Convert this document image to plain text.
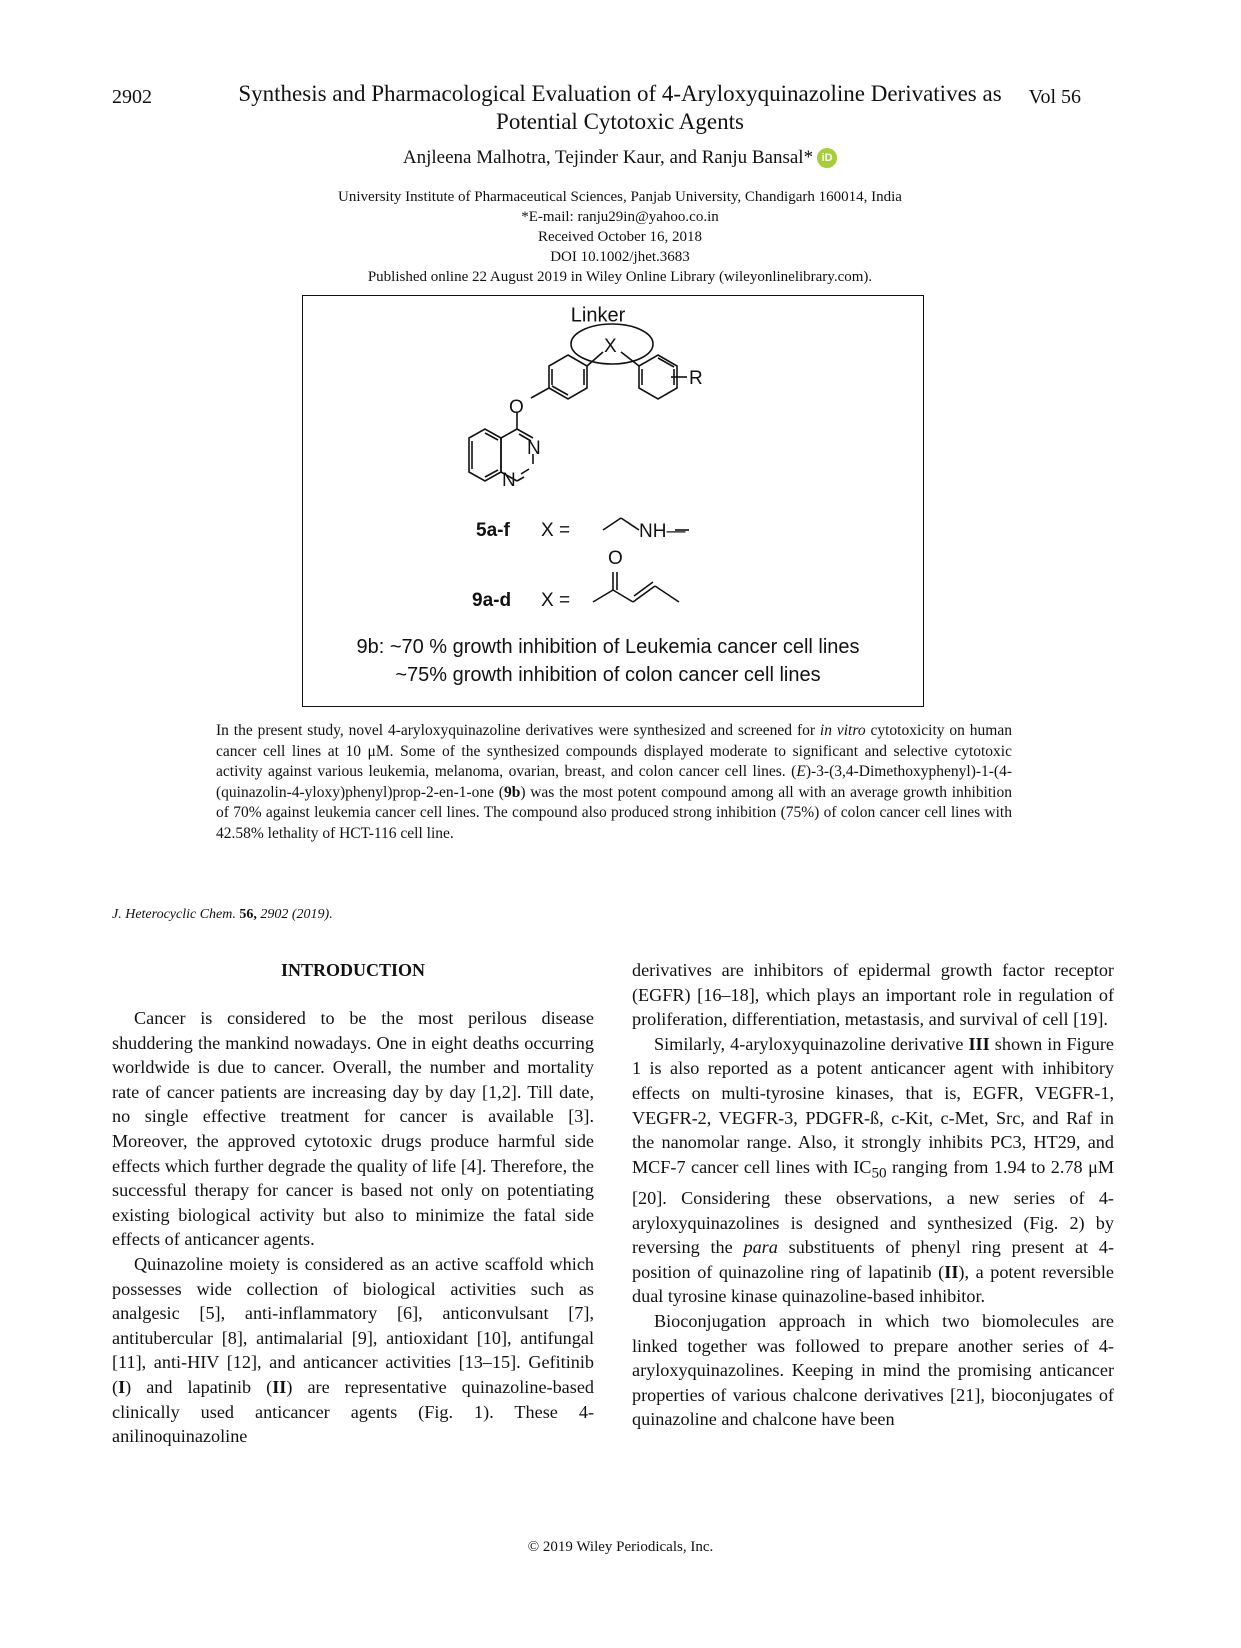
2902	Vol 56
Synthesis and Pharmacological Evaluation of 4-Aryloxyquinazoline Derivatives as Potential Cytotoxic Agents
Anjleena Malhotra, Tejinder Kaur, and Ranju Bansal* iD
University Institute of Pharmaceutical Sciences, Panjab University, Chandigarh 160014, India
*E-mail: ranju29in@yahoo.co.in
Received October 16, 2018
DOI 10.1002/jhet.3683
Published online 22 August 2019 in Wiley Online Library (wileyonlinelibrary.com).
Linker
X
R
O
N
N
5a-f X =	NH—
O
9a-d X =
9b: ~70 % growth inhibition of Leukemia cancer cell lines
~75% growth inhibition of colon cancer cell lines
In the present study, novel 4-aryloxyquinazoline derivatives were synthesized and screened for in vitro cytotoxicity on human cancer cell lines at 10 μM. Some of the synthesized compounds displayed moderate to significant and selective cytotoxic activity against various leukemia, melanoma, ovarian, breast, and colon cancer cell lines. (E)-3-(3,4-Dimethoxyphenyl)-1-(4-(quinazolin-4-yloxy)phenyl)prop-2-en-1-one (9b) was the most potent compound among all with an average growth inhibition of 70% against leukemia cancer cell lines. The compound also produced strong inhibition (75%) of colon cancer cell lines with 42.58% lethality of HCT-116 cell line.
J. Heterocyclic Chem. 56, 2902 (2019).
INTRODUCTION

Cancer is considered to be the most perilous disease shuddering the mankind nowadays. One in eight deaths occurring worldwide is due to cancer. Overall, the number and mortality rate of cancer patients are increasing day by day [1,2]. Till date, no single effective treatment for cancer is available [3]. Moreover, the approved cytotoxic drugs produce harmful side effects which further degrade the quality of life [4]. Therefore, the successful therapy for cancer is based not only on potentiating existing biological activity but also to minimize the fatal side effects of anticancer agents.

Quinazoline moiety is considered as an active scaffold which possesses wide collection of biological activities such as analgesic [5], anti-inflammatory [6], anticonvulsant [7], antitubercular [8], antimalarial [9], antioxidant [10], antifungal [11], anti-HIV [12], and anticancer activities [13–15]. Gefitinib (I) and lapatinib (II) are representative quinazoline-based clinically used anticancer agents (Fig. 1). These 4-anilinoquinazoline

derivatives are inhibitors of epidermal growth factor receptor (EGFR) [16–18], which plays an important role in regulation of proliferation, differentiation, metastasis, and survival of cell [19].

Similarly, 4-aryloxyquinazoline derivative III shown in Figure 1 is also reported as a potent anticancer agent with inhibitory effects on multi-tyrosine kinases, that is, EGFR, VEGFR-1, VEGFR-2, VEGFR-3, PDGFR-ß, c-Kit, c-Met, Src, and Raf in the nanomolar range. Also, it strongly inhibits PC3, HT29, and MCF-7 cancer cell lines with $IC_{50}$ ranging from 1.94 to 2.78 μM [20]. Considering these observations, a new series of 4-aryloxyquinazolines is designed and synthesized (Fig. 2) by reversing the para substituents of phenyl ring present at 4-position of quinazoline ring of lapatinib (II), a potent reversible dual tyrosine kinase quinazoline-based inhibitor.

Bioconjugation approach in which two biomolecules are linked together was followed to prepare another series of 4-aryloxyquinazolines. Keeping in mind the promising anticancer properties of various chalcone derivatives [21], bioconjugates of quinazoline and chalcone have been

© 2019 Wiley Periodicals, Inc.
